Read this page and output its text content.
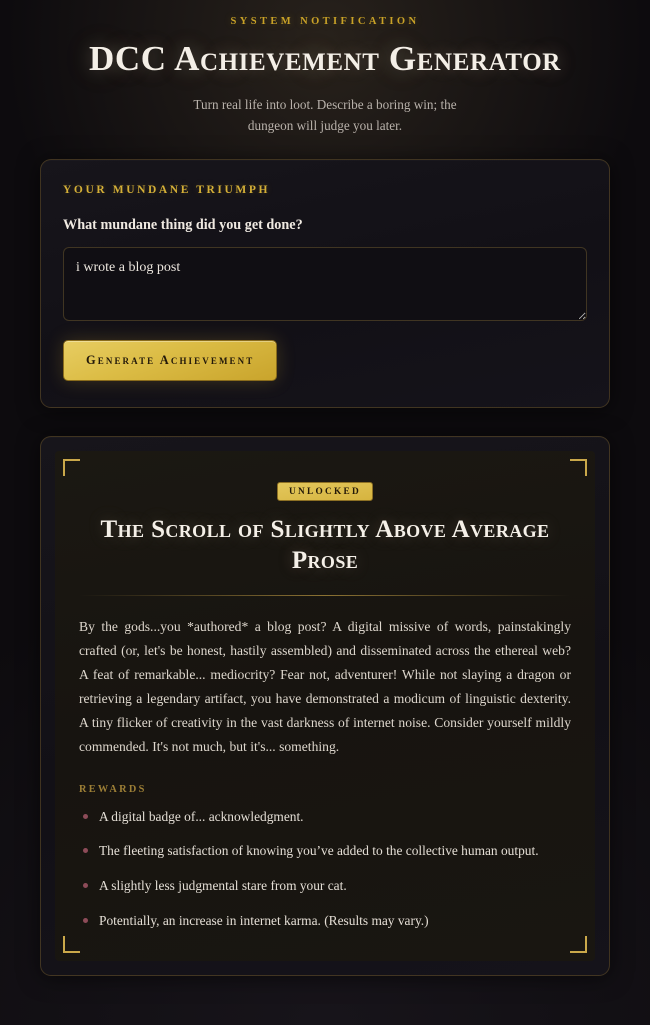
SYSTEM NOTIFICATION
DCC Achievement Generator

Turn real life into loot. Describe a boring win; the dungeon will judge you later.

YOUR MUNDANE TRIUMPH
What mundane thing did you get done?
i wrote a blog post Generate Achievement
UNLOCKED
The Scroll of Slightly Above Average Prose

By the gods...you *authored* a blog post? A digital missive of words, painstakingly crafted (or, let's be honest, hastily assembled) and disseminated across the ethereal web? A feat of remarkable... mediocrity? Fear not, adventurer! While not slaying a dragon or retrieving a legendary artifact, you have demonstrated a modicum of linguistic dexterity. A tiny flicker of creativity in the vast darkness of internet noise. Consider yourself mildly commended. It's not much, but it's... something.

REWARDS
A digital badge of... acknowledgment.
The fleeting satisfaction of knowing you’ve added to the collective human output.
A slightly less judgmental stare from your cat.
Potentially, an increase in internet karma. (Results may vary.)
